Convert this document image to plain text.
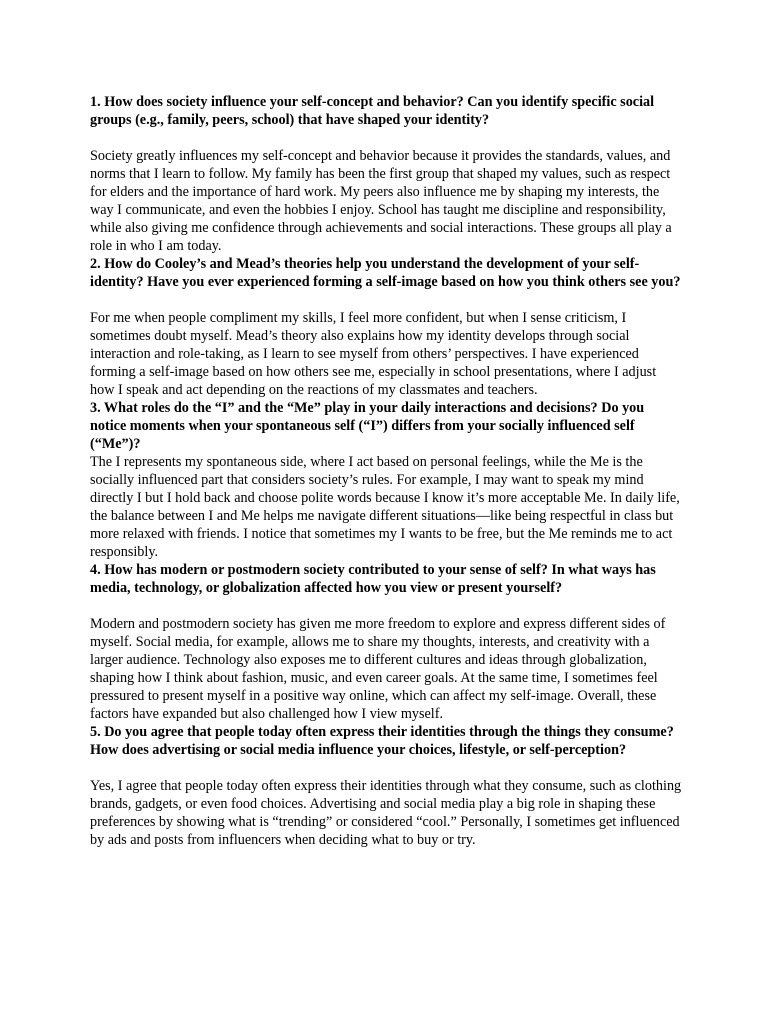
1. How does society influence your self-concept and behavior? Can you identify specific social groups (e.g., family, peers, school) that have shaped your identity?

Society greatly influences my self-concept and behavior because it provides the standards, values, and norms that I learn to follow. My family has been the first group that shaped my values, such as respect for elders and the importance of hard work. My peers also influence me by shaping my interests, the way I communicate, and even the hobbies I enjoy. School has taught me discipline and responsibility, while also giving me confidence through achievements and social interactions. These groups all play a role in who I am today.

2. How do Cooley’s and Mead’s theories help you understand the development of your self-identity? Have you ever experienced forming a self-image based on how you think others see you?

For me when people compliment my skills, I feel more confident, but when I sense criticism, I sometimes doubt myself. Mead’s theory also explains how my identity develops through social interaction and role-taking, as I learn to see myself from others’ perspectives. I have experienced forming a self-image based on how others see me, especially in school presentations, where I adjust how I speak and act depending on the reactions of my classmates and teachers.

3. What roles do the “I” and the “Me” play in your daily interactions and decisions? Do you notice moments when your spontaneous self (“I”) differs from your socially influenced self (“Me”)?

The I represents my spontaneous side, where I act based on personal feelings, while the Me is the socially influenced part that considers society’s rules. For example, I may want to speak my mind directly I but I hold back and choose polite words because I know it’s more acceptable Me. In daily life, the balance between I and Me helps me navigate different situations—like being respectful in class but more relaxed with friends. I notice that sometimes my I wants to be free, but the Me reminds me to act responsibly.

4. How has modern or postmodern society contributed to your sense of self? In what ways has media, technology, or globalization affected how you view or present yourself?

Modern and postmodern society has given me more freedom to explore and express different sides of myself. Social media, for example, allows me to share my thoughts, interests, and creativity with a larger audience. Technology also exposes me to different cultures and ideas through globalization, shaping how I think about fashion, music, and even career goals. At the same time, I sometimes feel pressured to present myself in a positive way online, which can affect my self-image. Overall, these factors have expanded but also challenged how I view myself.

5. Do you agree that people today often express their identities through the things they consume? How does advertising or social media influence your choices, lifestyle, or self-perception?

Yes, I agree that people today often express their identities through what they consume, such as clothing brands, gadgets, or even food choices. Advertising and social media play a big role in shaping these preferences by showing what is “trending” or considered “cool.” Personally, I sometimes get influenced by ads and posts from influencers when deciding what to buy or try.
